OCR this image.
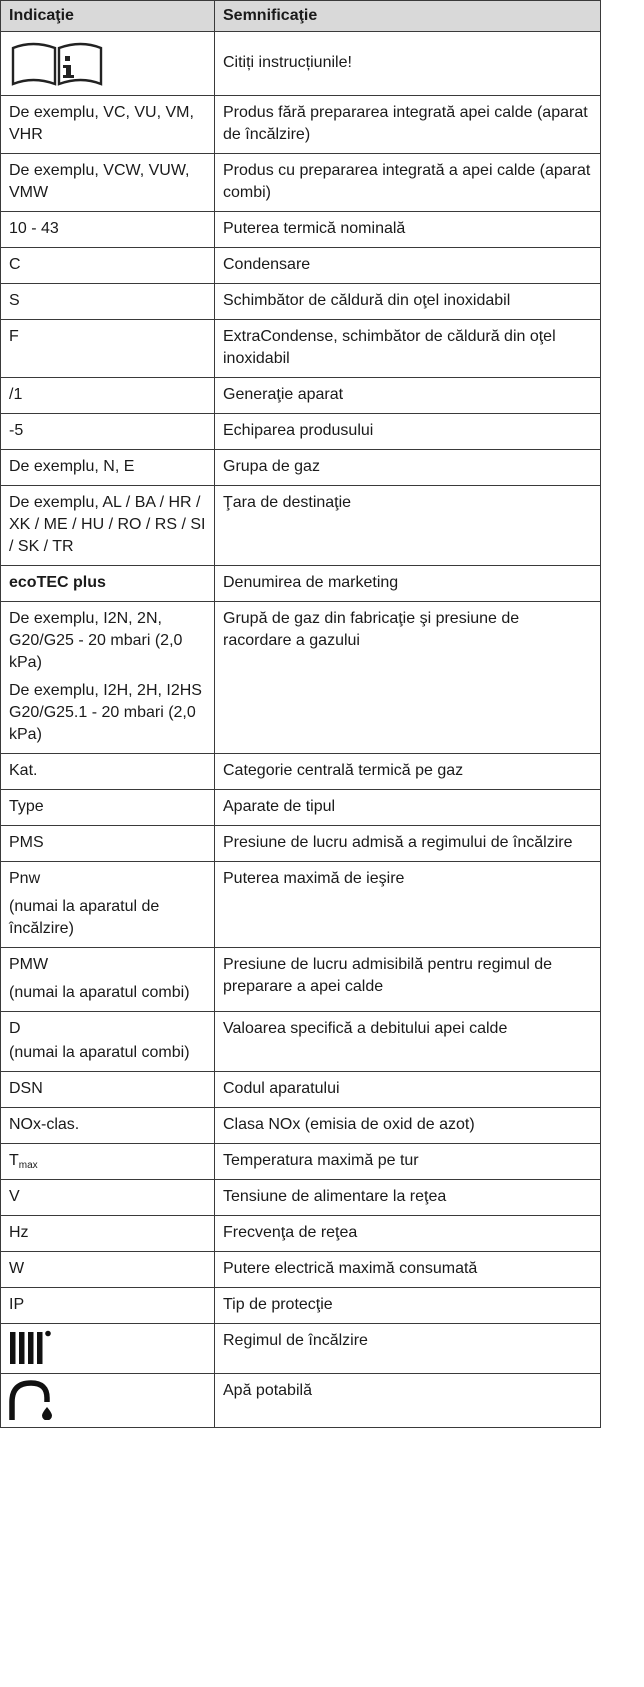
Indicaţie	Semnificaţie

	Citiți instrucțiunile!
De exemplu, VC, VU, VM, VHR	Produs fără prepararea integrată apei calde (aparat de încălzire)
De exemplu, VCW, VUW, VMW	Produs cu prepararea integrată a apei calde (aparat combi)
10 - 43	Puterea termică nominală
C	Condensare
S	Schimbător de căldură din oţel inoxidabil
F	ExtraCondense, schimbător de căldură din oţel inoxidabil
/1	Generaţie aparat
-5	Echiparea produsului
De exemplu, N, E	Grupa de gaz
De exemplu, AL / BA / HR / XK / ME / HU / RO / RS / SI / SK / TR	Ţara de destinaţie
ecoTEC plus	Denumirea de marketing

De exemplu, I2N, 2N, G20/G25 - 20 mbari (2,0 kPa)

De exemplu, I2H, 2H, I2HS G20/G25.1 - 20 mbari (2,0 kPa)	Grupă de gaz din fabricaţie şi presiune de racordare a gazului
Kat.	Categorie centrală termică pe gaz
Type	Aparate de tipul
PMS	Presiune de lucru admisă a regimului de încălzire

Pnw

(numai la aparatul de încălzire)	Puterea maximă de ieşire

PMW

(numai la aparatul combi)	Presiune de lucru admisibilă pentru regimul de preparare a apei calde

D

(numai la aparatul combi)	Valoarea specifică a debitului apei calde
DSN	Codul aparatului
NOx-clas.	Clasa NOx (emisia de oxid de azot)
$T_{max}$	Temperatura maximă pe tur
V	Tensiune de alimentare la reţea
Hz	Frecvenţa de reţea
W	Putere electrică maximă consumată
IP	Tip de protecţie

	Regimul de încălzire

	Apă potabilă
